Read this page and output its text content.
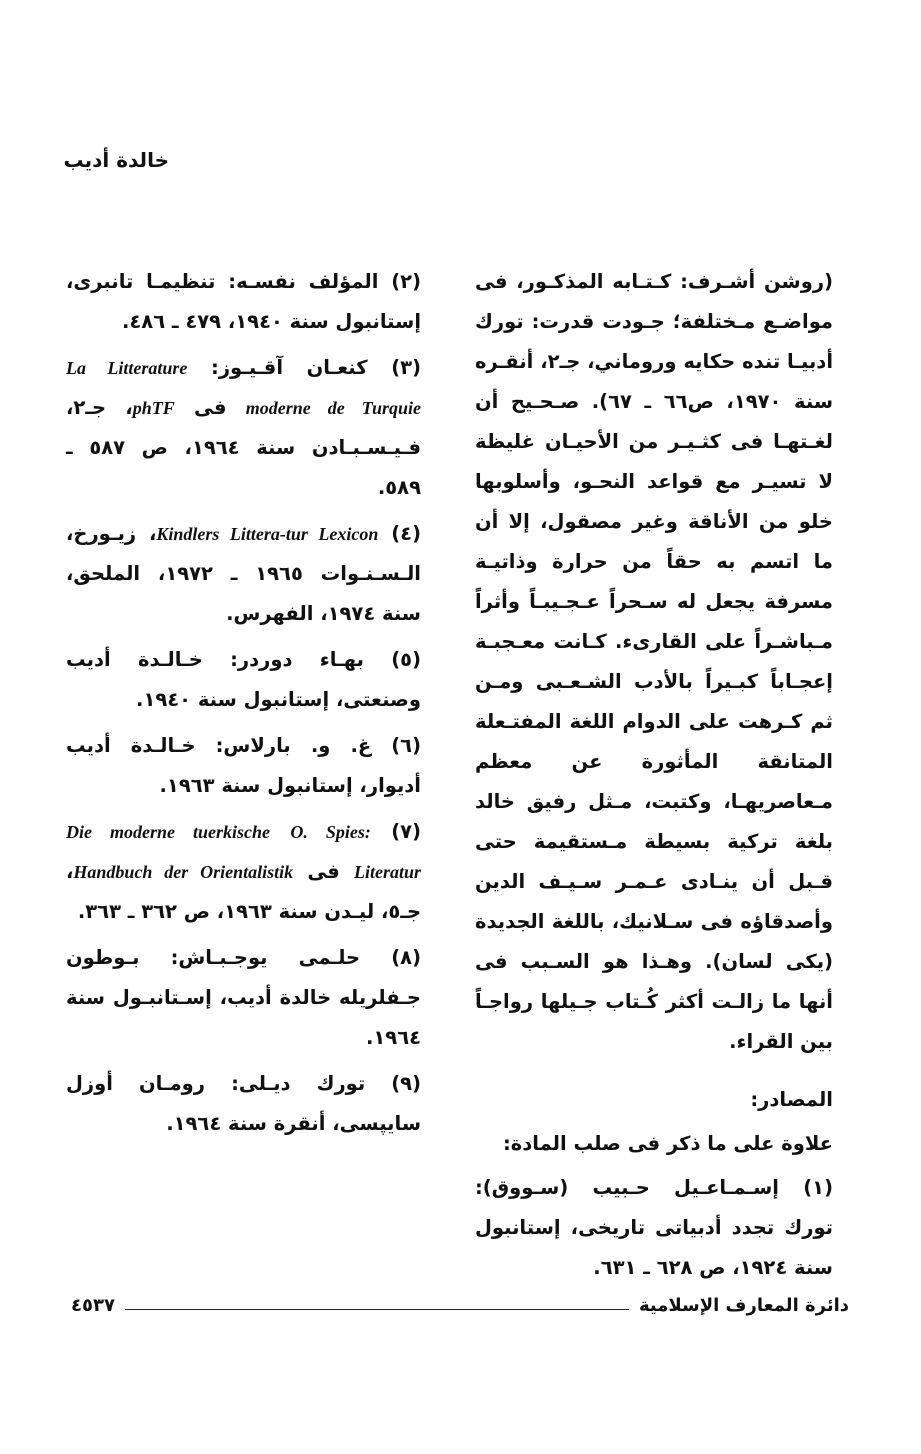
خالدة أديب

(روشن أشـرف: كـتـابه المذكـور، فى مواضـع مـختلفة؛ جـودت قدرت: تورك أدبيـا تنده حكايه وروماني، جـ٢، أنقـره سنة ١٩٧٠، ص٦٦ ـ ٦٧). صـحـيح أن لغـتهـا فى كثـيـر من الأحيـان غليظة لا تسيـر مع قواعد النحـو، وأسلوبها خلو من الأناقة وغير مصقول، إلا أن ما اتسم به حقاً من حرارة وذاتيـة مسرفة يجعل له سـحراً عـجـيبـاً وأثراً مـباشـراً على القارىء. كـانت معـجبـة إعجـاباً كبـيراً بالأدب الشـعـبى ومـن ثم كـرهت على الدوام اللغة المفتـعلة المتانقة المأثورة عن معظم مـعاصريهـا، وكتبت، مـثل رفيق خالد بلغة تركية بسيطة مـستقيمة حتى قـبل أن ينـادى عـمـر سـيـف الدين وأصدقاؤه فى سـلانيك، باللغة الجديدة (يكى لسان). وهـذا هو السـبب فى أنها ما زالـت أكثر كُـتاب جـيلها رواجـاً بين القراء.

المصادر:

علاوة على ما ذكر فى صلب المادة:

(١) إسـمـاعـيل حـبيب (سـووق): تورك تجدد أدبياتى تاريخى، إستانبول سنة ١٩٢٤، ص ٦٢٨ ـ ٦٣١.

(٢) المؤلف نفسـه: تنظيمـا تانبرى، إستانبول سنة ١٩٤٠، ٤٧٩ ـ ٤٨٦.

(٣) كنعـان آقـيـوز: La Litterature moderne de Turquie فى phTF، جـ٢، فـيـسـبـادن سنة ١٩٦٤، ص ٥٨٧ ـ ٥٨٩.

(٤) Kindlers Littera-tur Lexicon، زيـورخ، الـسـنـوات ١٩٦٥ ـ ١٩٧٢، الملحق، سنة ١٩٧٤، الفهرس.

(٥) بهـاء دوردر: خـالـدة أديب وصنعتى، إستانبول سنة ١٩٤٠.

(٦) غ. و. بارلاس: خـالـدة أديب أديوار، إستانبول سنة ١٩٦٣.

(٧) O. Spies: Die moderne tuerkische Literatur فى Handbuch der Orientalistik، جـ٥، ليـدن سنة ١٩٦٣، ص ٣٦٢ ـ ٣٦٣.

(٨) حلـمى يوجـبـاش: بـوطون جـفلريله خالدة أديب، إسـتانبـول سنة ١٩٦٤.

(٩) تورك ديـلى: رومـان أوزل سايپسى، أنقرة سنة ١٩٦٤.

دائرة المعارف الإسلامية
٤٥٣٧
